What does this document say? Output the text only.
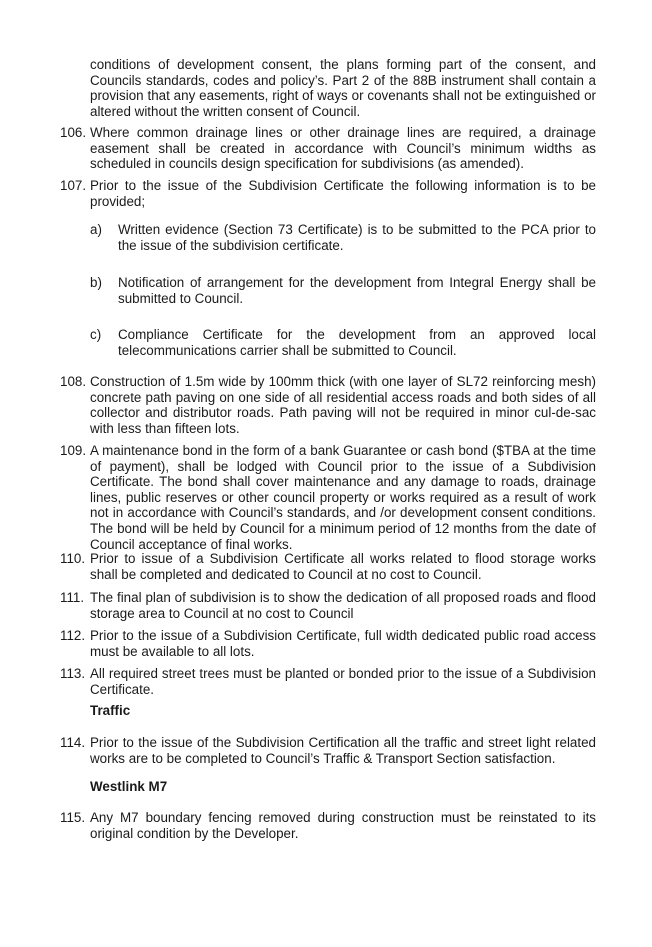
conditions of development consent, the plans forming part of the consent, and Councils standards, codes and policy’s. Part 2 of the 88B instrument shall contain a provision that any easements, right of ways or covenants shall not be extinguished or altered without the written consent of Council.
106. Where common drainage lines or other drainage lines are required, a drainage easement shall be created in accordance with Council’s minimum widths as scheduled in councils design specification for subdivisions (as amended).
107. Prior to the issue of the Subdivision Certificate the following information is to be provided;
a)	Written evidence (Section 73 Certificate) is to be submitted to the PCA prior to the issue of the subdivision certificate.
b)	Notification of arrangement for the development from Integral Energy shall be submitted to Council.
c)	Compliance Certificate for the development from an approved local telecommunications carrier shall be submitted to Council.
108. Construction of 1.5m wide by 100mm thick (with one layer of SL72 reinforcing mesh) concrete path paving on one side of all residential access roads and both sides of all collector and distributor roads. Path paving will not be required in minor cul-de-sac with less than fifteen lots.
109. A maintenance bond in the form of a bank Guarantee or cash bond ($TBA at the time of payment), shall be lodged with Council prior to the issue of a Subdivision Certificate. The bond shall cover maintenance and any damage to roads, drainage lines, public reserves or other council property or works required as a result of work not in accordance with Council’s standards, and /or development consent conditions. The bond will be held by Council for a minimum period of 12 months from the date of Council acceptance of final works.
110. Prior to issue of a Subdivision Certificate all works related to flood storage works shall be completed and dedicated to Council at no cost to Council.
111. The final plan of subdivision is to show the dedication of all proposed roads and flood storage area to Council at no cost to Council
112. Prior to the issue of a Subdivision Certificate, full width dedicated public road access must be available to all lots.
113. All required street trees must be planted or bonded prior to the issue of a Subdivision Certificate.
Traffic
114. Prior to the issue of the Subdivision Certification all the traffic and street light related works are to be completed to Council’s Traffic & Transport Section satisfaction.
Westlink M7
115. Any M7 boundary fencing removed during construction must be reinstated to its original condition by the Developer.
